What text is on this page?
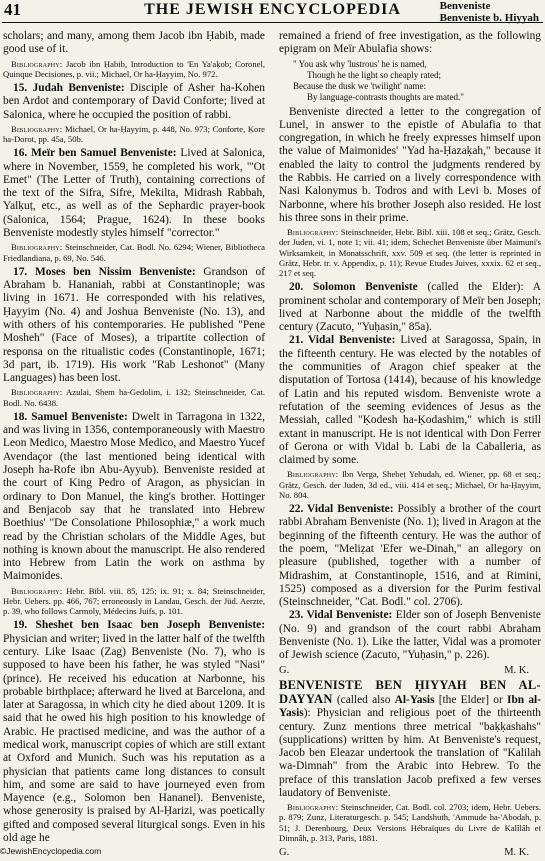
41	THE JEWISH ENCYCLOPEDIA	Benveniste
Benveniste b. Ḥiyyah

scholars; and many, among them Jacob ibn Ḥabib, made good use of it.

Bibliography: Jacob ibn Ḥabib, Introduction to 'En Ya'aḳob; Coronel, Quinque Decisiones, p. vii.; Michael, Or ha-Ḥayyim, No. 972.

15. Judah Benveniste: Disciple of Asher ha-Kohen ben Ardot and contemporary of David Conforte; lived at Salonica, where he occupied the position of rabbi.

Bibliography: Michael, Or ha-Ḥayyim, p. 448, No. 973; Conforte, Ḳore ha-Dorot, pp. 45a, 50b.

16. Meïr ben Samuel Benveniste: Lived at Salonica, where in November, 1559, he completed his work, "'Ot Emet" (The Letter of Truth), containing corrections of the text of the Sifra, Sifre, Mekilta, Midrash Rabbah, Yalḳuṭ, etc., as well as of the Sephardic prayer-book (Salonica, 1564; Prague, 1624). In these books Benveniste modestly styles himself "corrector."

Bibliography: Steinschneider, Cat. Bodl. No. 6294; Wiener, Bibliotheca Friedlandiana, p. 69, No. 546.

17. Moses ben Nissim Benveniste: Grandson of Abraham b. Hananiah, rabbi at Constantinople; was living in 1671. He corresponded with his relatives, Ḥayyim (No. 4) and Joshua Benveniste (No. 13), and with others of his contemporaries. He published "Pene Mosheh" (Face of Moses), a tripartite collection of responsa on the ritualistic codes (Constantinople, 1671; 3d part, ib. 1719). His work "Rab Leshonot" (Many Languages) has been lost.

Bibliography: Azulai, Shem ha-Gedolim, i. 132; Steinschneider, Cat. Bodl. No. 6438.

18. Samuel Benveniste: Dwelt in Tarragona in 1322, and was living in 1356, contemporaneously with Maestro Leon Medico, Maestro Mose Medico, and Maestro Yucef Avendaҫor (the last mentioned being identical with Joseph ha-Rofe ibn Abu-Ayyub). Benveniste resided at the court of King Pedro of Aragon, as physician in ordinary to Don Manuel, the king's brother. Hottinger and Benjacob say that he translated into Hebrew Boethius' "De Consolatione Philosophiæ," a work much read by the Christian scholars of the Middle Ages, but nothing is known about the manuscript. He also rendered into Hebrew from Latin the work on asthma by Maimonides.

Bibliography: Hebr. Bibl. viii. 85, 125; ix. 91; x. 84; Steinschneider, Hebr. Uebers. pp. 466, 767; erroneously in Landau, Gesch. der Jüd. Aerzte, p. 39, who follows Carmoly, Médecins Juifs, p. 101.

19. Sheshet ben Isaac ben Joseph Benveniste: Physician and writer; lived in the latter half of the twelfth century. Like Isaac (Zag) Benveniste (No. 7), who is supposed to have been his father, he was styled "Nasi" (prince). He received his education at Narbonne, his probable birthplace; afterward he lived at Barcelona, and later at Saragossa, in which city he died about 1209. It is said that he owed his high position to his knowledge of Arabic. He practised medicine, and was the author of a medical work, manuscript copies of which are still extant at Oxford and Munich. Such was his reputation as a physician that patients came long distances to consult him, and some are said to have journeyed even from Mayence (e.g., Solomon ben Hananel). Benveniste, whose generosity is praised by Al-Ḥarizi, was poetically gifted and composed several liturgical songs. Even in his old age he

remained a friend of free investigation, as the following epigram on Meïr Abulafia shows:

" You ask why 'lustrous' he is named,
Though he the light so cheaply rated;
Because the dusk we 'twilight' name:
By language-contrasts thoughts are mated."

Benveniste directed a letter to the congregation of Lunel, in answer to the epistle of Abulafia to that congregation, in which he freely expresses himself upon the value of Maimonides' "Yad ha-Ḥazaḳah," because it enabled the laity to control the judgments rendered by the Rabbis. He carried on a lively correspondence with Nasi Kalonymus b. Todros and with Levi b. Moses of Narbonne, where his brother Joseph also resided. He lost his three sons in their prime.

Bibliography: Steinschneider, Hebr. Bibl. xiii. 108 et seq.; Grätz, Gesch. der Juden, vi. 1, note 1; vii. 41; idem, Schechet Benveniste über Maimuni's Wirksamkeit, in Monatsschrift, xxv. 509 et seq. (the letter is reprinted in Grätz, Hebr. tr. v. Appendix, p. 11); Revue Etudes Juives, xxxix. 62 et seq., 217 et seq.

20. Solomon Benveniste (called the Elder): A prominent scholar and contemporary of Meïr ben Joseph; lived at Narbonne about the middle of the twelfth century (Zacuto, "Yuḥasin," 85a).

21. Vidal Benveniste: Lived at Saragossa, Spain, in the fifteenth century. He was elected by the notables of the communities of Aragon chief speaker at the disputation of Tortosa (1414), because of his knowledge of Latin and his reputed wisdom. Benveniste wrote a refutation of the seeming evidences of Jesus as the Messiah, called "Ḳodesh ha-Ḳodashim," which is still extant in manuscript. He is not identical with Don Ferrer of Gerona or with Vidal b. Labi de la Caballeria, as claimed by some.

Bibliography: Ibn Verga, Shebeṭ Yehudah, ed. Wiener, pp. 68 et seq.; Grätz, Gesch. der Juden, 3d ed., viii. 414 et seq.; Michael, Or ha-Ḥayyim, No. 804.

22. Vidal Benveniste: Possibly a brother of the court rabbi Abraham Benveniste (No. 1); lived in Aragon at the beginning of the fifteenth century. He was the author of the poem, "Meliẓat 'Efer we-Dinah," an allegory on pleasure (published, together with a number of Midrashim, at Constantinople, 1516, and at Rimini, 1525) composed as a diversion for the Purim festival (Steinschneider, "Cat. Bodl." col. 2706).

23. Vidal Benveniste: Elder son of Joseph Benveniste (No. 9) and grandson of the court rabbi Abraham Benveniste (No. 1). Like the latter, Vidal was a promoter of Jewish science (Zacuto, "Yuḥasin," p. 226).

G.	M. K.

BENVENISTE BEN ḤIYYAH BEN AL-DAYYAN (called also Al-Yasis [the Elder] or Ibn al-Yasis): Physician and religious poet of the thirteenth century. Zunz mentions three metrical "baḳḳashahs" (supplications) written by him. At Benveniste's request, Jacob ben Eleazar undertook the translation of "Kalilah wa-Dimnah" from the Arabic into Hebrew. To the preface of this translation Jacob prefixed a few verses laudatory of Benveniste.

Bibliography: Steinschneider, Cat. Bodl. col. 2703; idem, Hebr. Uebers. p. 879; Zunz, Literaturgesch. p. 545; Landshuth, 'Ammude ha-'Abodah, p. 51; J. Derenbourg, Deux Versions Hébraïques du Livre de Kalîlâh et Dimnâh, p. 313, Paris, 1881.

G.	M. K.
©JewishEncyclopedia.com
